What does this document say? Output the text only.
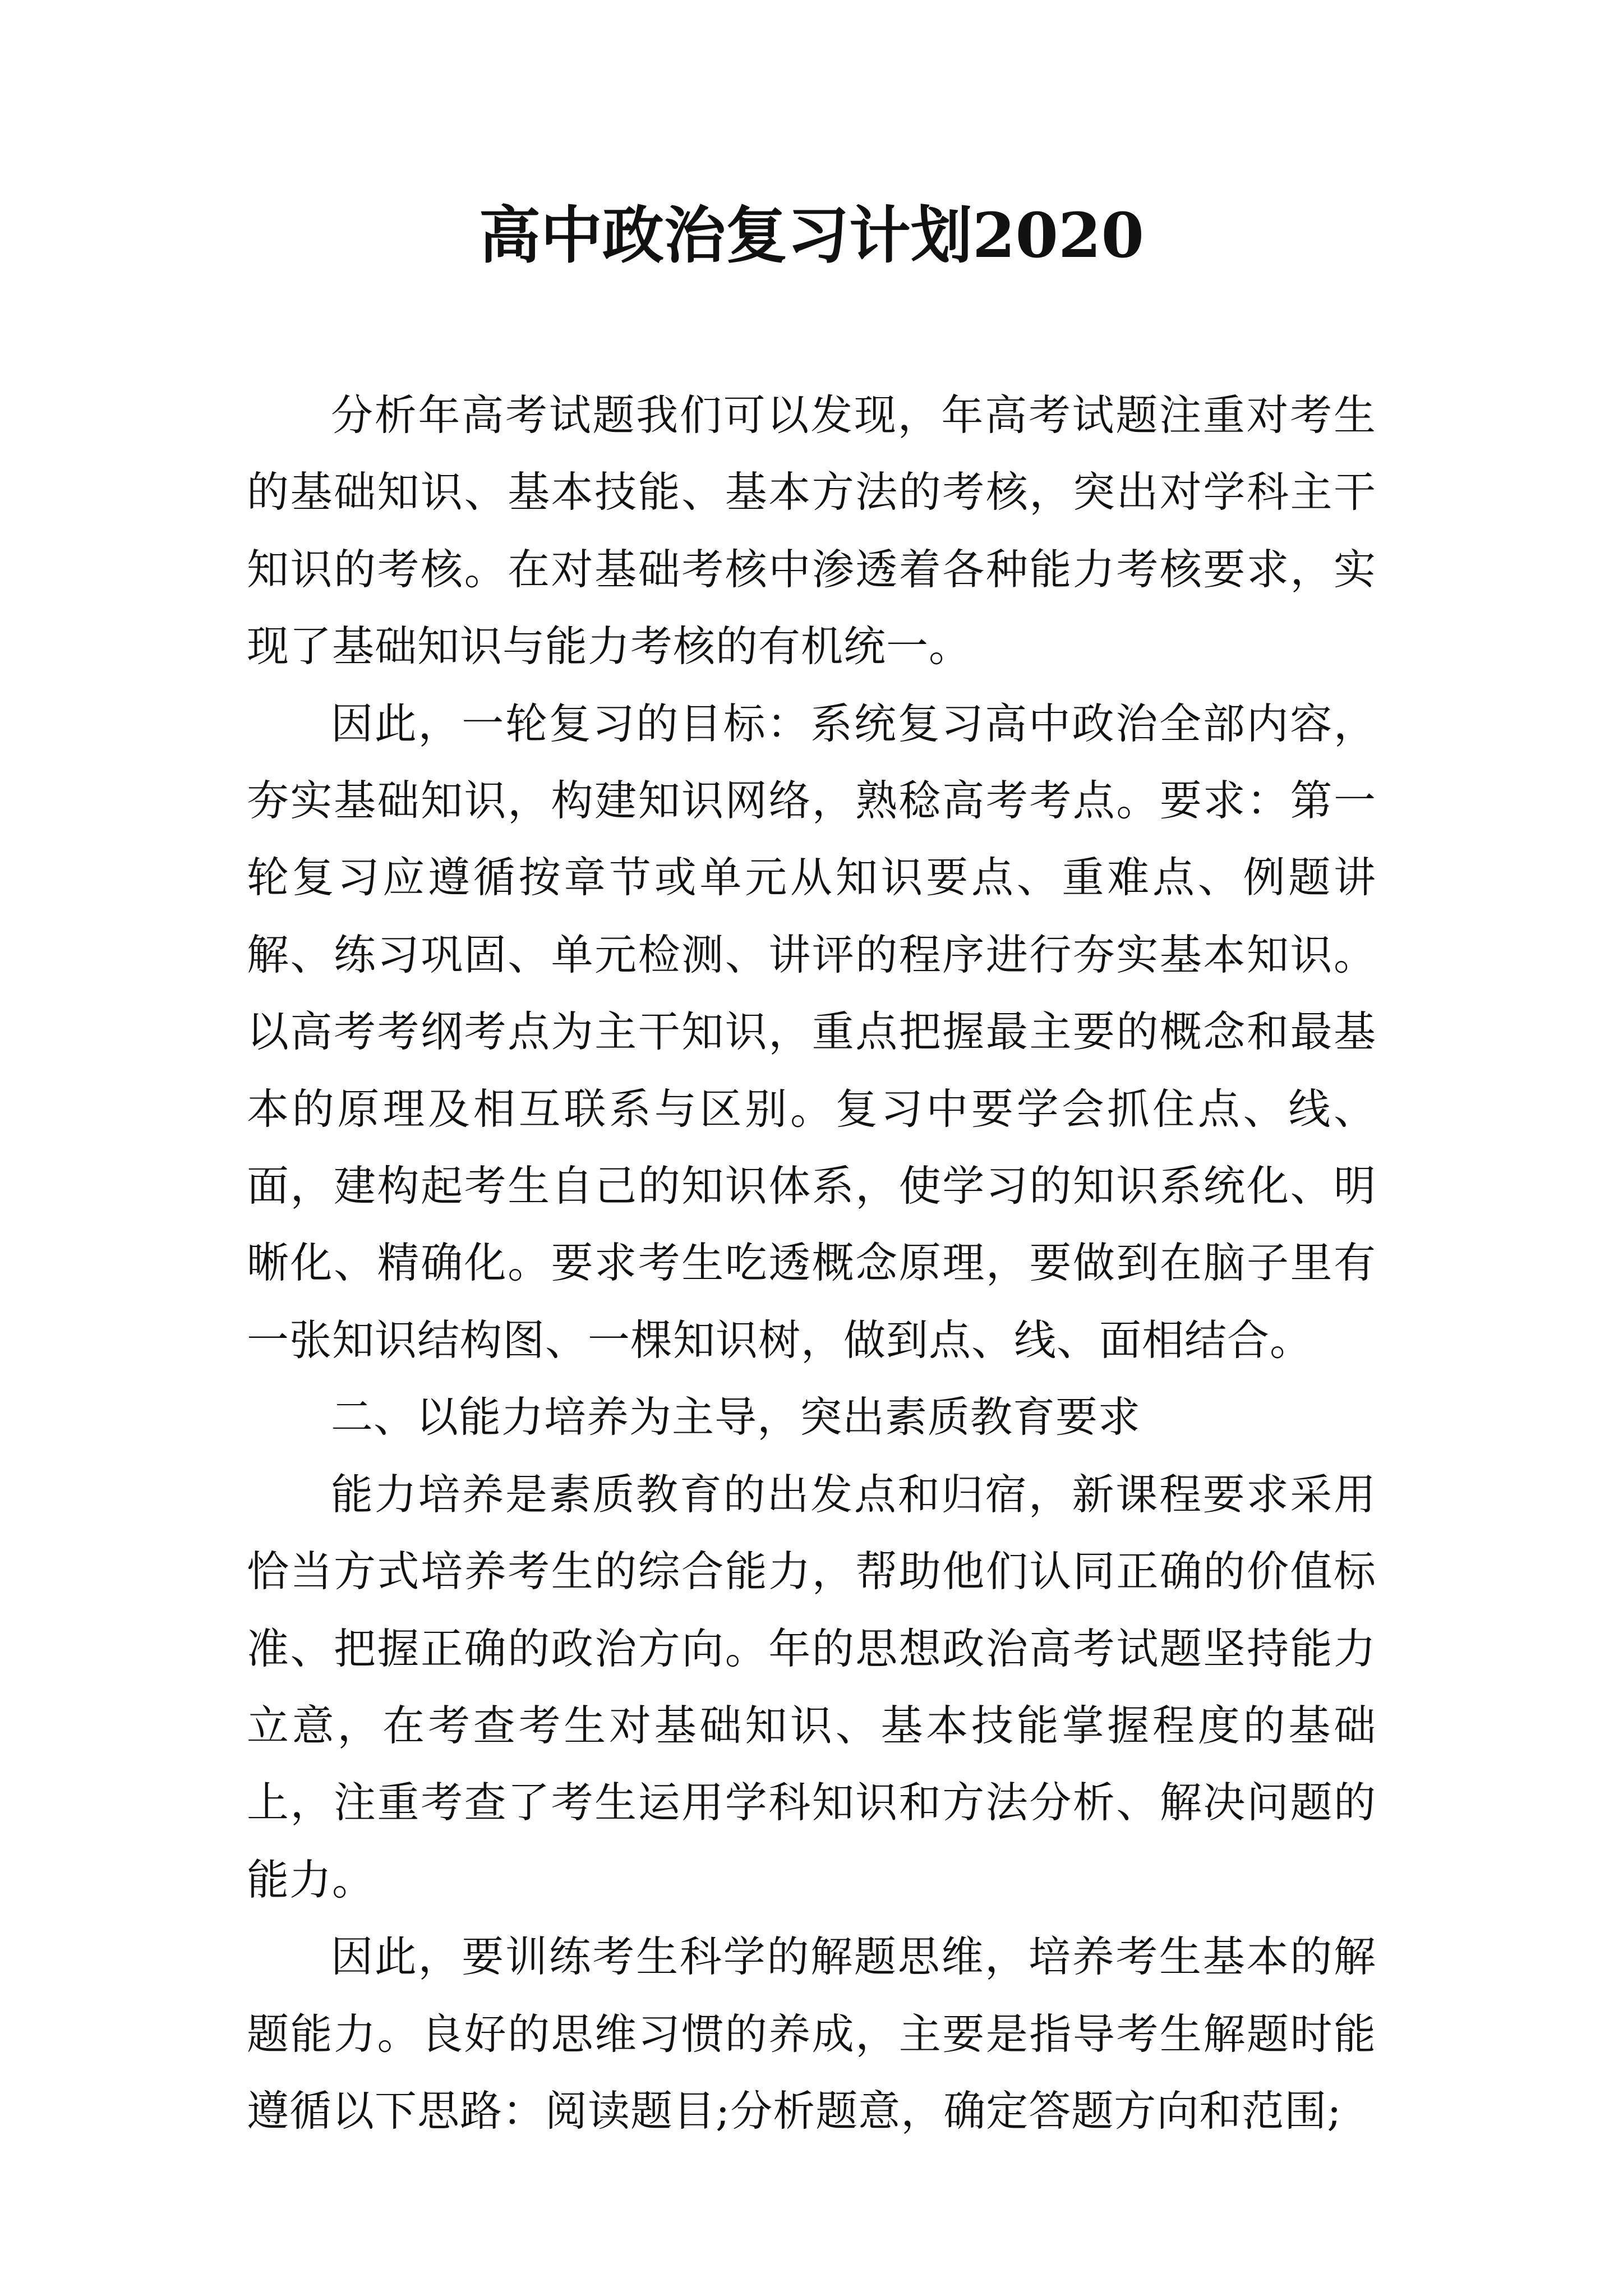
高中政治复习计划2020

分析年高考试题我们可以发现，年高考试题注重对考生的基础知识、基本技能、基本方法的考核，突出对学科主干知识的考核。在对基础考核中渗透着各种能力考核要求，实现了基础知识与能力考核的有机统一。

因此，一轮复习的目标：系统复习高中政治全部内容，夯实基础知识，构建知识网络，熟稔高考考点。要求：第一轮复习应遵循按章节或单元从知识要点、重难点、例题讲解、练习巩固、单元检测、讲评的程序进行夯实基本知识。以高考考纲考点为主干知识，重点把握最主要的概念和最基本的原理及相互联系与区别。复习中要学会抓住点、线、面，建构起考生自己的知识体系，使学习的知识系统化、明晰化、精确化。要求考生吃透概念原理，要做到在脑子里有一张知识结构图、一棵知识树，做到点、线、面相结合。

二、以能力培养为主导，突出素质教育要求

能力培养是素质教育的出发点和归宿，新课程要求采用恰当方式培养考生的综合能力，帮助他们认同正确的价值标准、把握正确的政治方向。年的思想政治高考试题坚持能力立意，在考查考生对基础知识、基本技能掌握程度的基础上，注重考查了考生运用学科知识和方法分析、解决问题的能力。

因此，要训练考生科学的解题思维，培养考生基本的解题能力。良好的思维习惯的养成，主要是指导考生解题时能遵循以下思路：阅读题目;分析题意，确定答题方向和范围;
